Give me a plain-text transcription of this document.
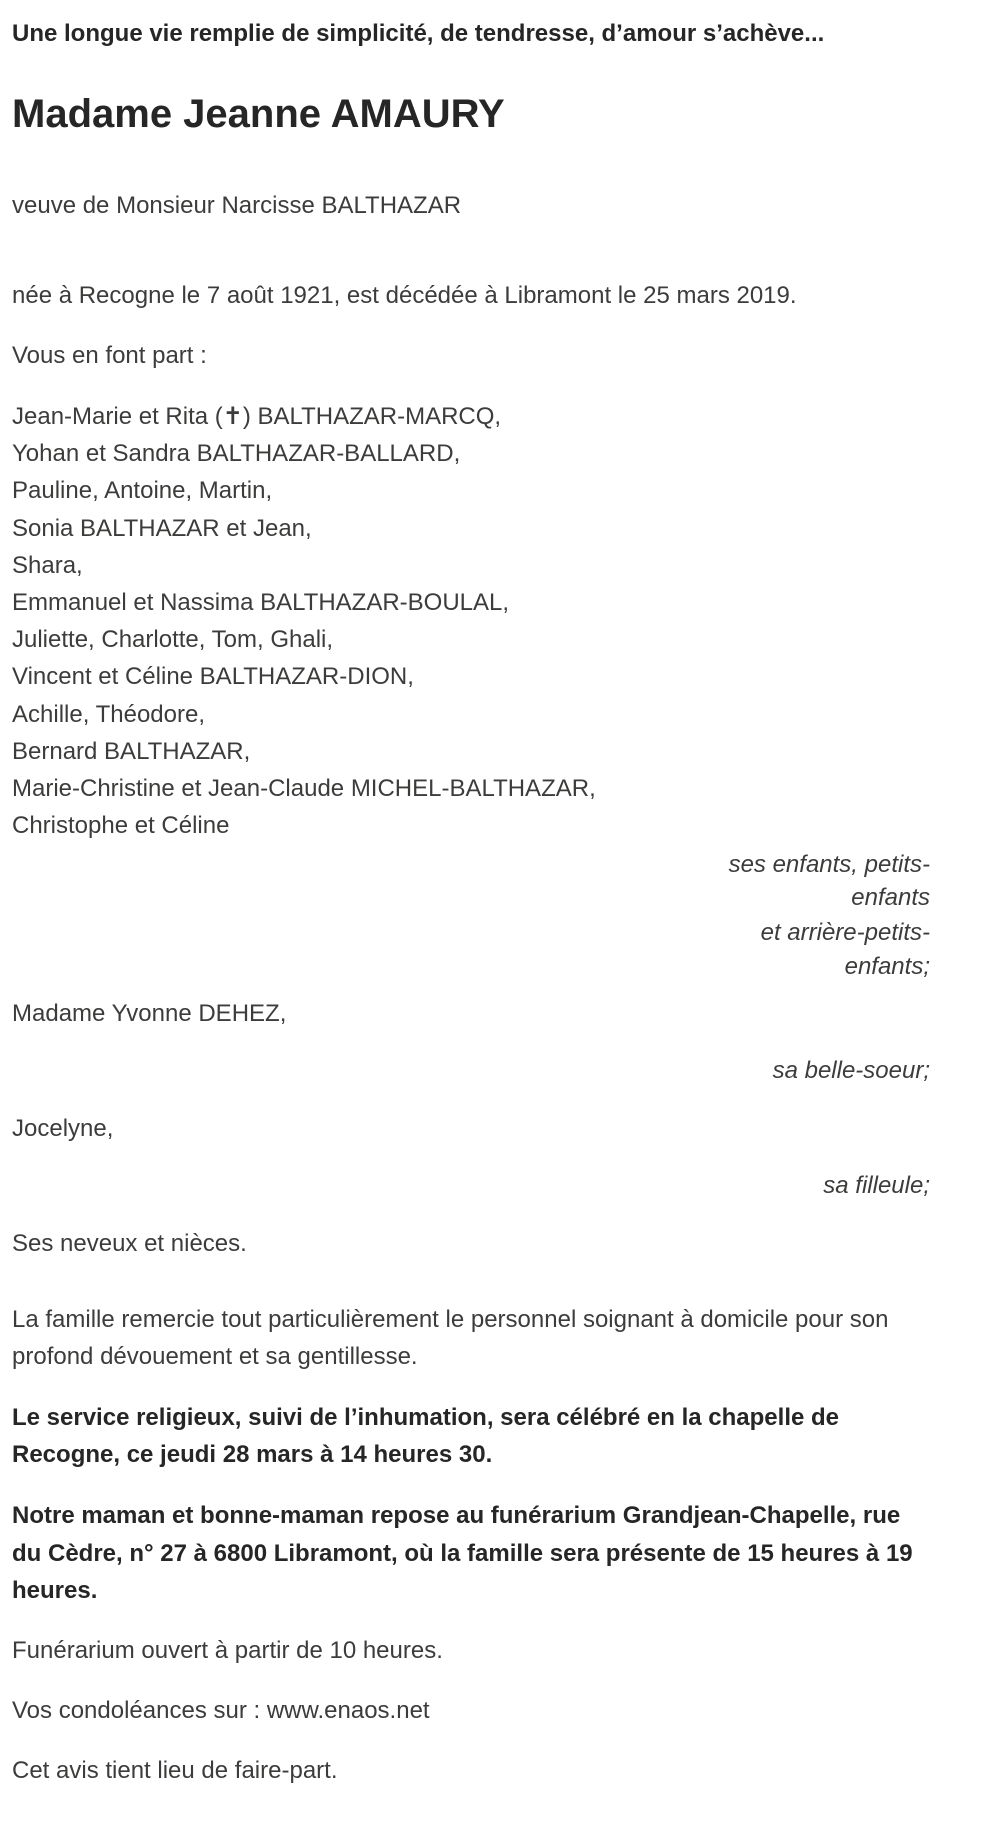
Une longue vie remplie de simplicité, de tendresse, d’amour s’achève...

Madame Jeanne AMAURY

veuve de Monsieur Narcisse BALTHAZAR

née à Recogne le 7 août 1921, est décédée à Libramont le 25 mars 2019.

Vous en font part :

Jean-Marie et Rita (✝) BALTHAZAR-MARCQ,
Yohan et Sandra BALTHAZAR-BALLARD,
Pauline, Antoine, Martin,
Sonia BALTHAZAR et Jean,
Shara,
Emmanuel et Nassima BALTHAZAR-BOULAL,
Juliette, Charlotte, Tom, Ghali,
Vincent et Céline BALTHAZAR-DION,
Achille, Théodore,
Bernard BALTHAZAR,
Marie-Christine et Jean-Claude MICHEL-BALTHAZAR,
Christophe et Céline

ses enfants, petits-enfants

et arrière-petits-enfants;

Madame Yvonne DEHEZ,

sa belle-soeur;

Jocelyne,

sa filleule;

Ses neveux et nièces.

La famille remercie tout particulièrement le personnel soignant à domicile pour son profond dévouement et sa gentillesse.

Le service religieux, suivi de l’inhumation, sera célébré en la chapelle de Recogne, ce jeudi 28 mars à 14 heures 30.

Notre maman et bonne-maman repose au funérarium Grandjean-Chapelle, rue du Cèdre, n° 27 à 6800 Libramont, où la famille sera présente de 15 heures à 19 heures.

Funérarium ouvert à partir de 10 heures.

Vos condoléances sur : www.enaos.net

Cet avis tient lieu de faire-part.
